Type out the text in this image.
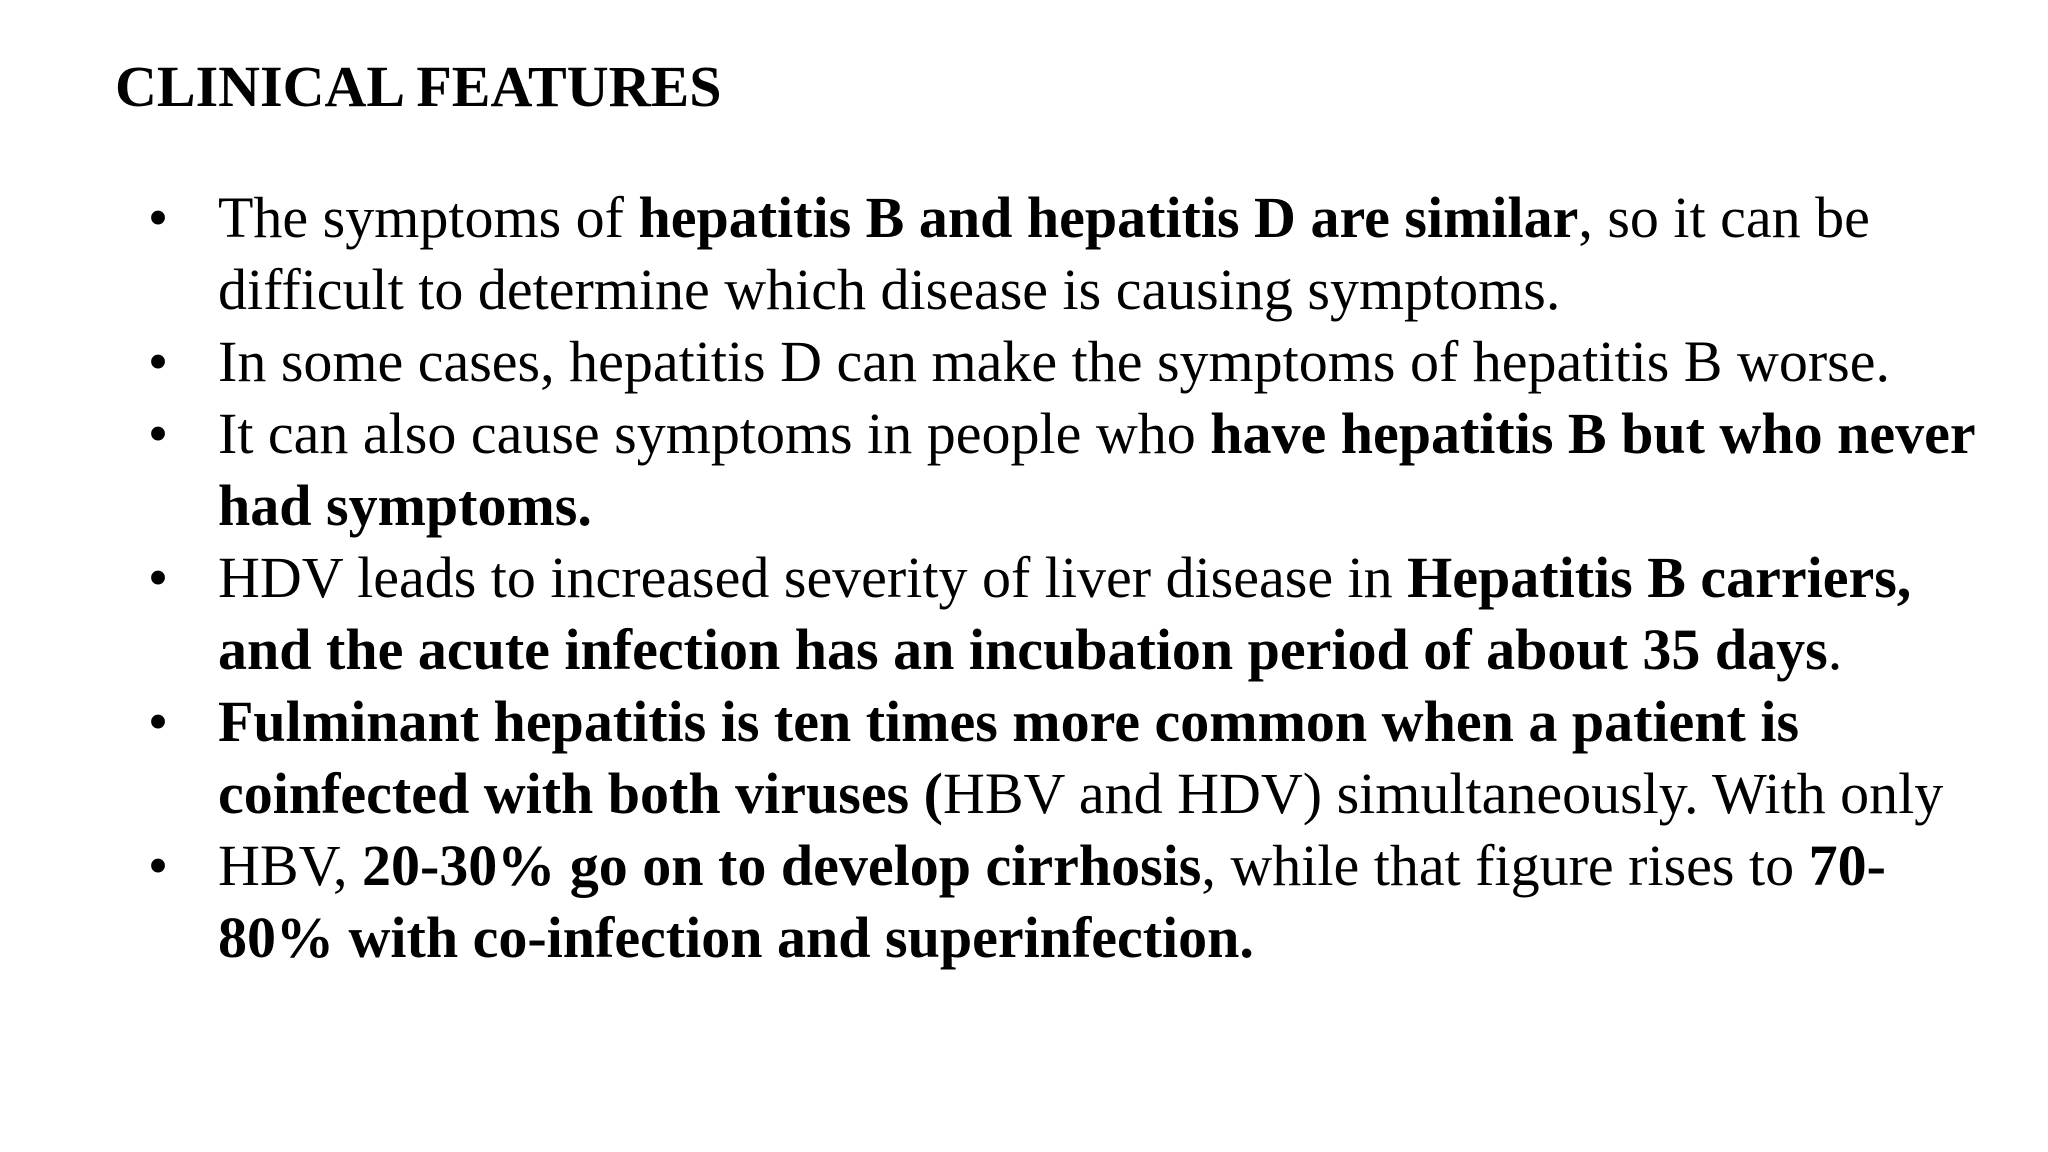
CLINICAL FEATURES
• The symptoms of hepatitis B and hepatitis D are similar, so it can be difficult to determine which disease is causing symptoms.
• In some cases, hepatitis D can make the symptoms of hepatitis B worse.
• It can also cause symptoms in people who have hepatitis B but who never had symptoms.
• HDV leads to increased severity of liver disease in Hepatitis B carriers, and the acute infection has an incubation period of about 35 days.
• Fulminant hepatitis is ten times more common when a patient is coinfected with both viruses (HBV and HDV) simultaneously. With only
• HBV, 20-30% go on to develop cirrhosis, while that figure rises to 70-80% with co-infection and superinfection.
